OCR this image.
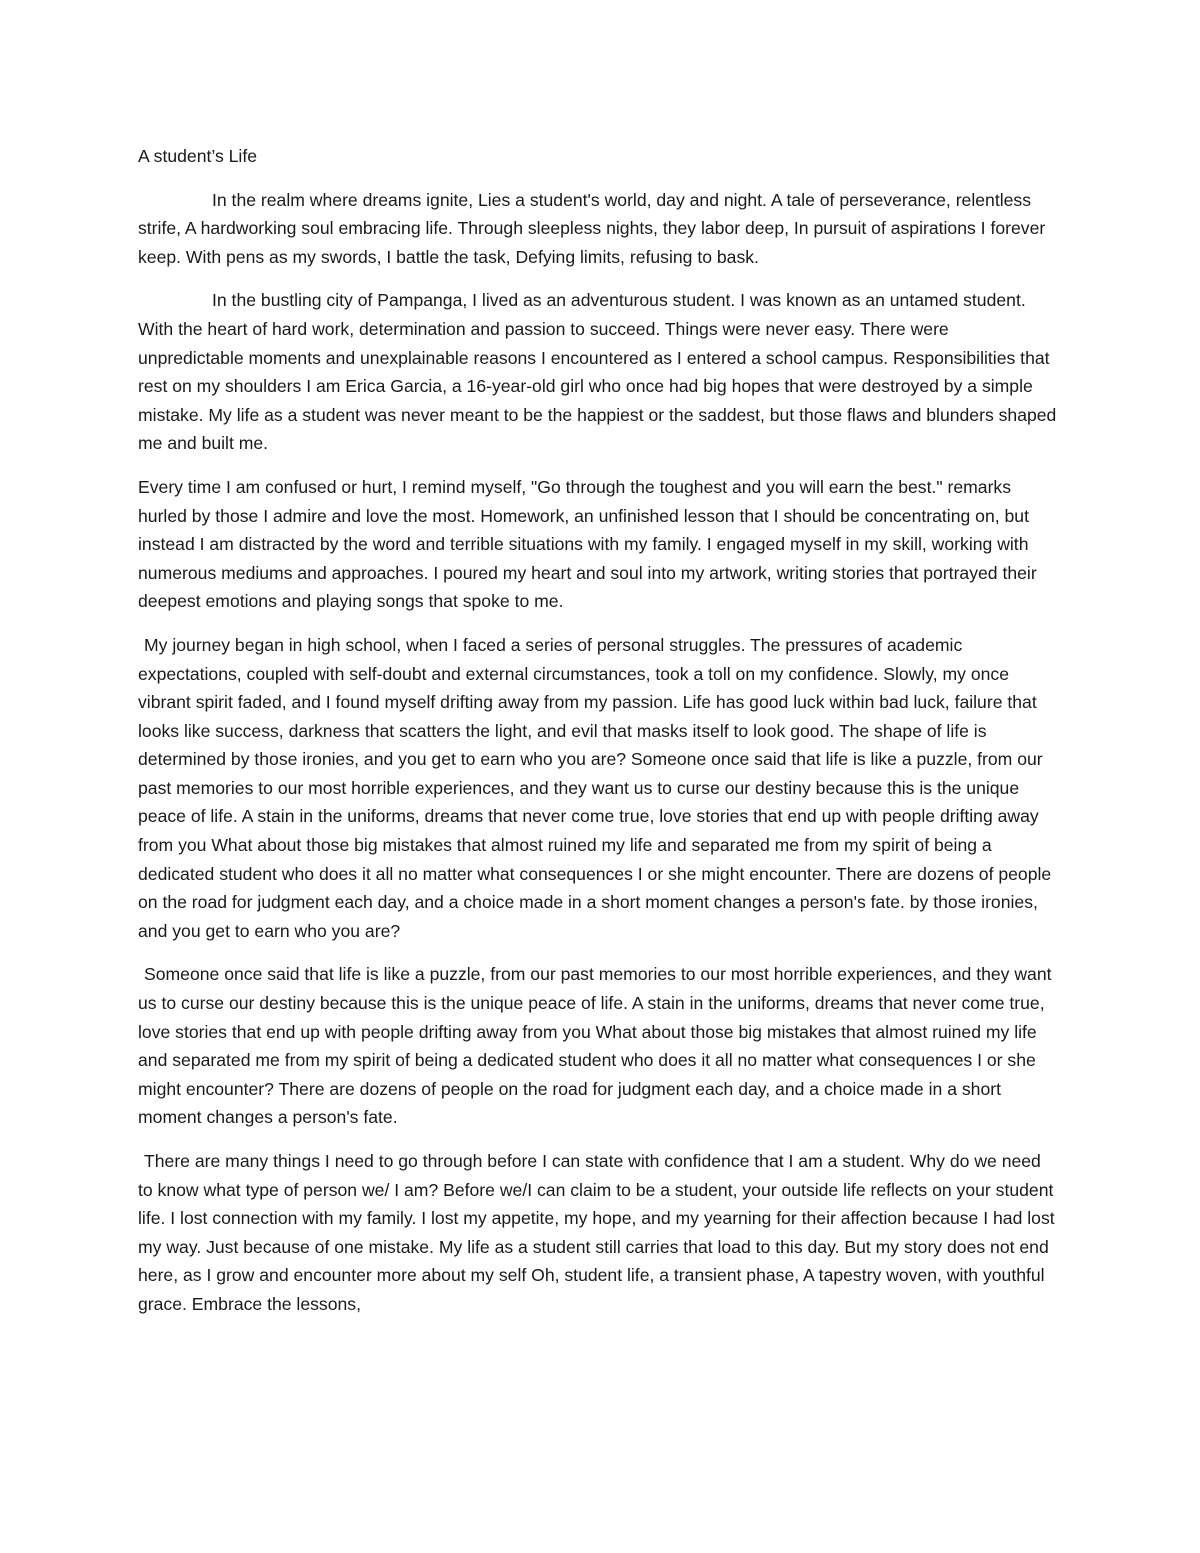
A student’s Life

In the realm where dreams ignite, Lies a student's world, day and night. A tale of perseverance, relentless strife, A hardworking soul embracing life. Through sleepless nights, they labor deep, In pursuit of aspirations I forever keep. With pens as my swords, I battle the task, Defying limits, refusing to bask.

In the bustling city of Pampanga, I lived as an adventurous student. I was known as an untamed student. With the heart of hard work, determination and passion to succeed. Things were never easy. There were unpredictable moments and unexplainable reasons I encountered as I entered a school campus. Responsibilities that rest on my shoulders I am Erica Garcia, a 16-year-old girl who once had big hopes that were destroyed by a simple mistake. My life as a student was never meant to be the happiest or the saddest, but those flaws and blunders shaped me and built me.

Every time I am confused or hurt, I remind myself, "Go through the toughest and you will earn the best." remarks hurled by those I admire and love the most. Homework, an unfinished lesson that I should be concentrating on, but instead I am distracted by the word and terrible situations with my family. I engaged myself in my skill, working with numerous mediums and approaches. I poured my heart and soul into my artwork, writing stories that portrayed their deepest emotions and playing songs that spoke to me.

My journey began in high school, when I faced a series of personal struggles. The pressures of academic expectations, coupled with self-doubt and external circumstances, took a toll on my confidence. Slowly, my once vibrant spirit faded, and I found myself drifting away from my passion. Life has good luck within bad luck, failure that looks like success, darkness that scatters the light, and evil that masks itself to look good. The shape of life is determined by those ironies, and you get to earn who you are? Someone once said that life is like a puzzle, from our past memories to our most horrible experiences, and they want us to curse our destiny because this is the unique peace of life. A stain in the uniforms, dreams that never come true, love stories that end up with people drifting away from you What about those big mistakes that almost ruined my life and separated me from my spirit of being a dedicated student who does it all no matter what consequences I or she might encounter. There are dozens of people on the road for judgment each day, and a choice made in a short moment changes a person's fate. by those ironies, and you get to earn who you are?

Someone once said that life is like a puzzle, from our past memories to our most horrible experiences, and they want us to curse our destiny because this is the unique peace of life. A stain in the uniforms, dreams that never come true, love stories that end up with people drifting away from you What about those big mistakes that almost ruined my life and separated me from my spirit of being a dedicated student who does it all no matter what consequences I or she might encounter? There are dozens of people on the road for judgment each day, and a choice made in a short moment changes a person's fate.

There are many things I need to go through before I can state with confidence that I am a student. Why do we need to know what type of person we/ I am? Before we/I can claim to be a student, your outside life reflects on your student life. I lost connection with my family. I lost my appetite, my hope, and my yearning for their affection because I had lost my way. Just because of one mistake. My life as a student still carries that load to this day. But my story does not end here, as I grow and encounter more about my self Oh, student life, a transient phase, A tapestry woven, with youthful grace. Embrace the lessons,
